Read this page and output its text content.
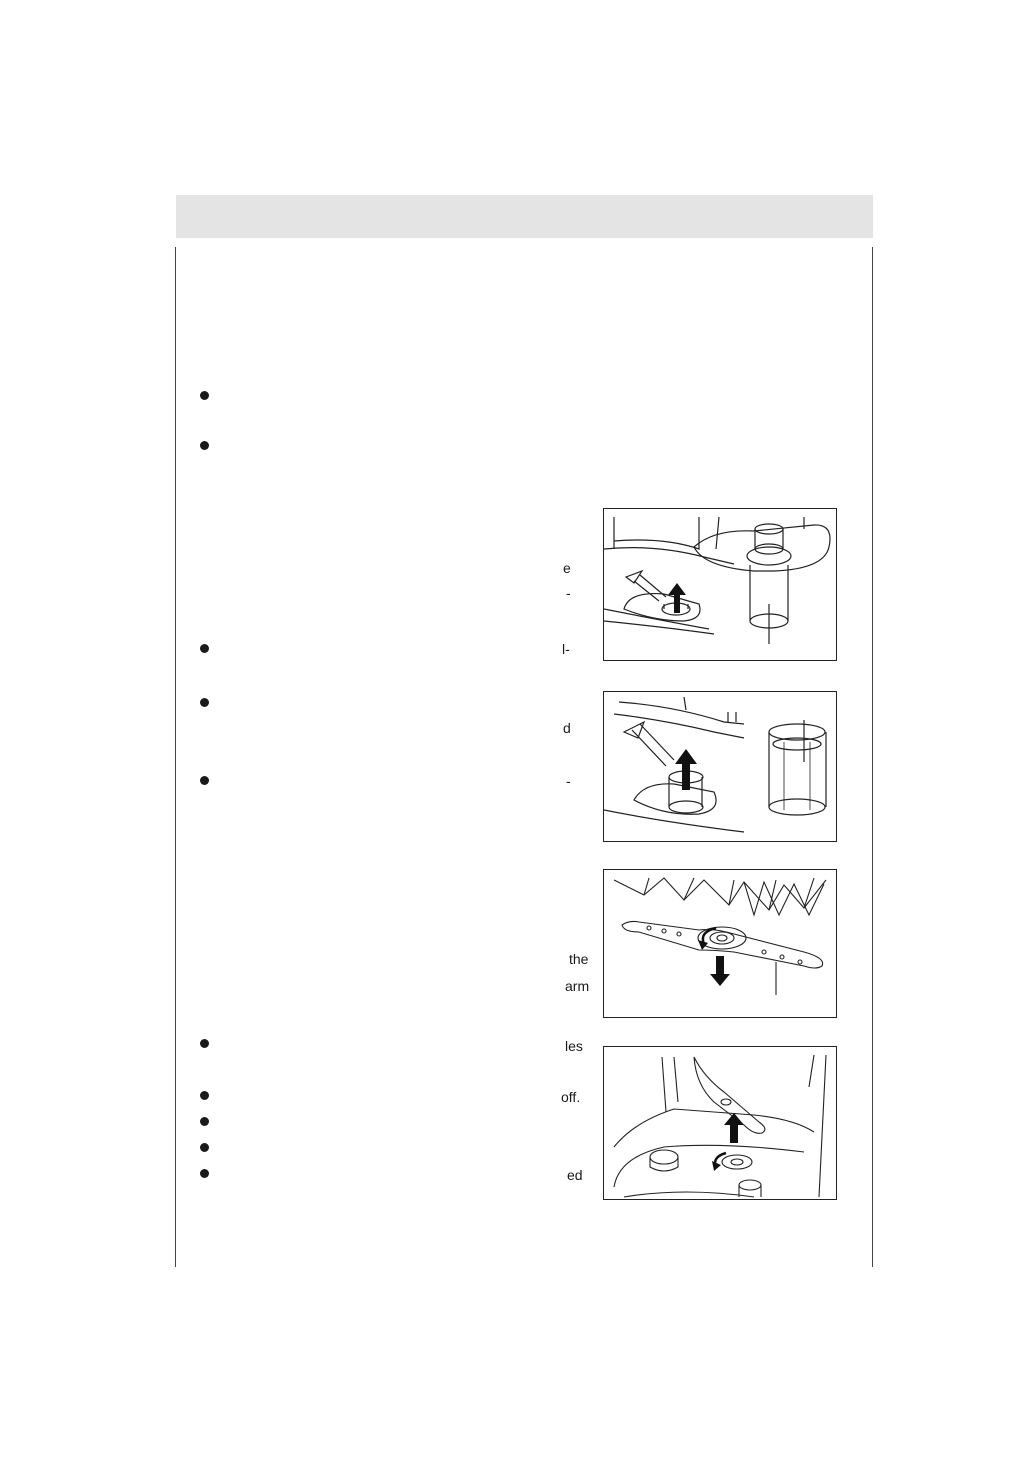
e
-
l-
d
-
the
arm
les
off.
ed
